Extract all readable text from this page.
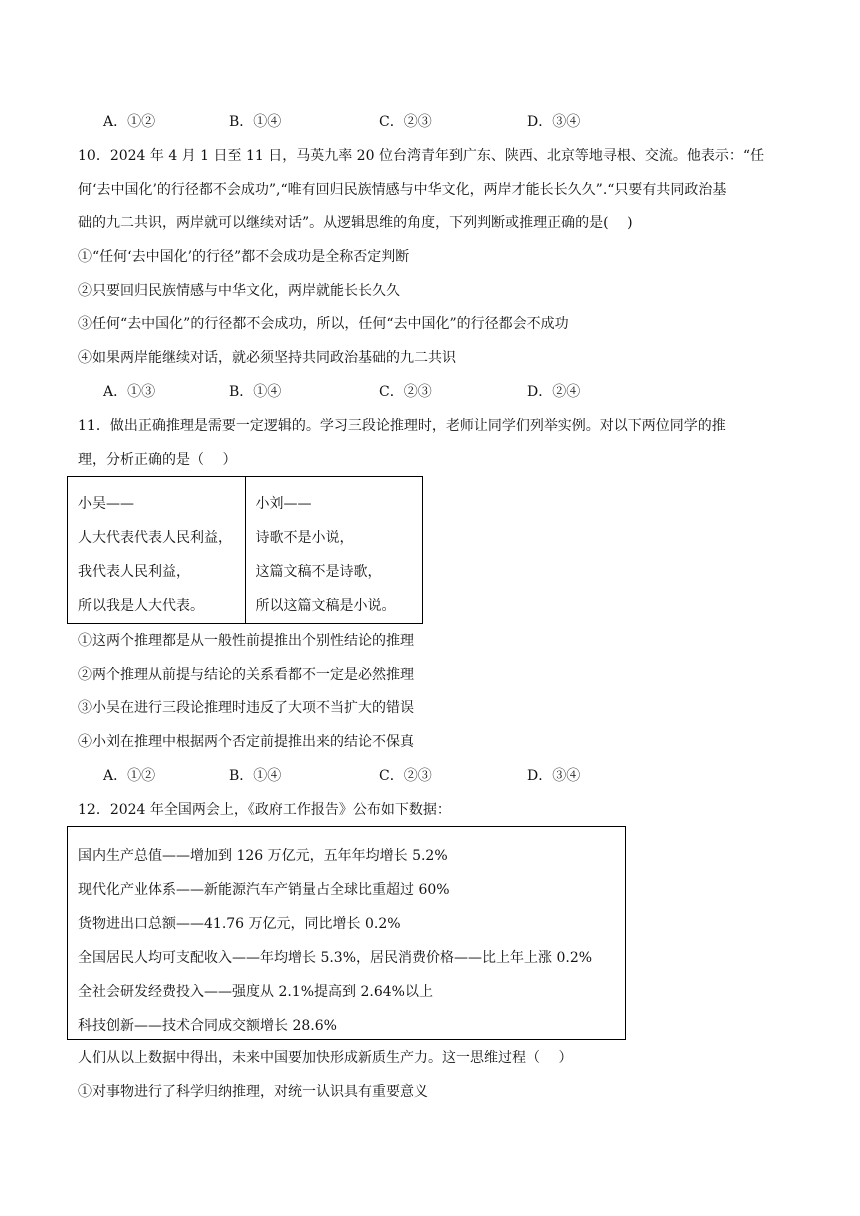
A．①②	B．①④	C．②③	D．③④
10．2024 年 4 月 1 日至 11 日，马英九率 20 位台湾青年到广东、陕西、北京等地寻根、交流。他表示：“任
何‘去中国化’的行径都不会成功”,“唯有回归民族情感与中华文化，两岸才能长长久久”.“只要有共同政治基
础的九二共识，两岸就可以继续对话”。从逻辑思维的角度，下列判断或推理正确的是(　 )
①“任何‘去中国化’的行径”都不会成功是全称否定判断
②只要回归民族情感与中华文化，两岸就能长长久久
③任何“去中国化”的行径都不会成功，所以，任何“去中国化”的行径都会不成功
④如果两岸能继续对话，就必须坚持共同政治基础的九二共识
A．①③	B．①④	C．②③	D．②④
11．做出正确推理是需要一定逻辑的。学习三段论推理时，老师让同学们列举实例。对以下两位同学的推
理，分析正确的是（　 ）
小吴——
人大代表代表人民利益，
我代表人民利益，
所以我是人大代表。

小刘——
诗歌不是小说，
这篇文稿不是诗歌，
所以这篇文稿是小说。
①这两个推理都是从一般性前提推出个别性结论的推理
②两个推理从前提与结论的关系看都不一定是必然推理
③小吴在进行三段论推理时违反了大项不当扩大的错误
④小刘在推理中根据两个否定前提推出来的结论不保真
A．①②	B．①④	C．②③	D．③④
12．2024 年全国两会上，《政府工作报告》公布如下数据：
国内生产总值——增加到 126 万亿元，五年年均增长 5.2%
现代化产业体系——新能源汽车产销量占全球比重超过 60%
货物进出口总额——41.76 万亿元，同比增长 0.2%
全国居民人均可支配收入——年均增长 5.3%，居民消费价格——比上年上涨 0.2%
全社会研发经费投入——强度从 2.1%提高到 2.64%以上
科技创新——技术合同成交额增长 28.6%
人们从以上数据中得出，未来中国要加快形成新质生产力。这一思维过程（　 ）
①对事物进行了科学归纳推理，对统一认识具有重要意义
